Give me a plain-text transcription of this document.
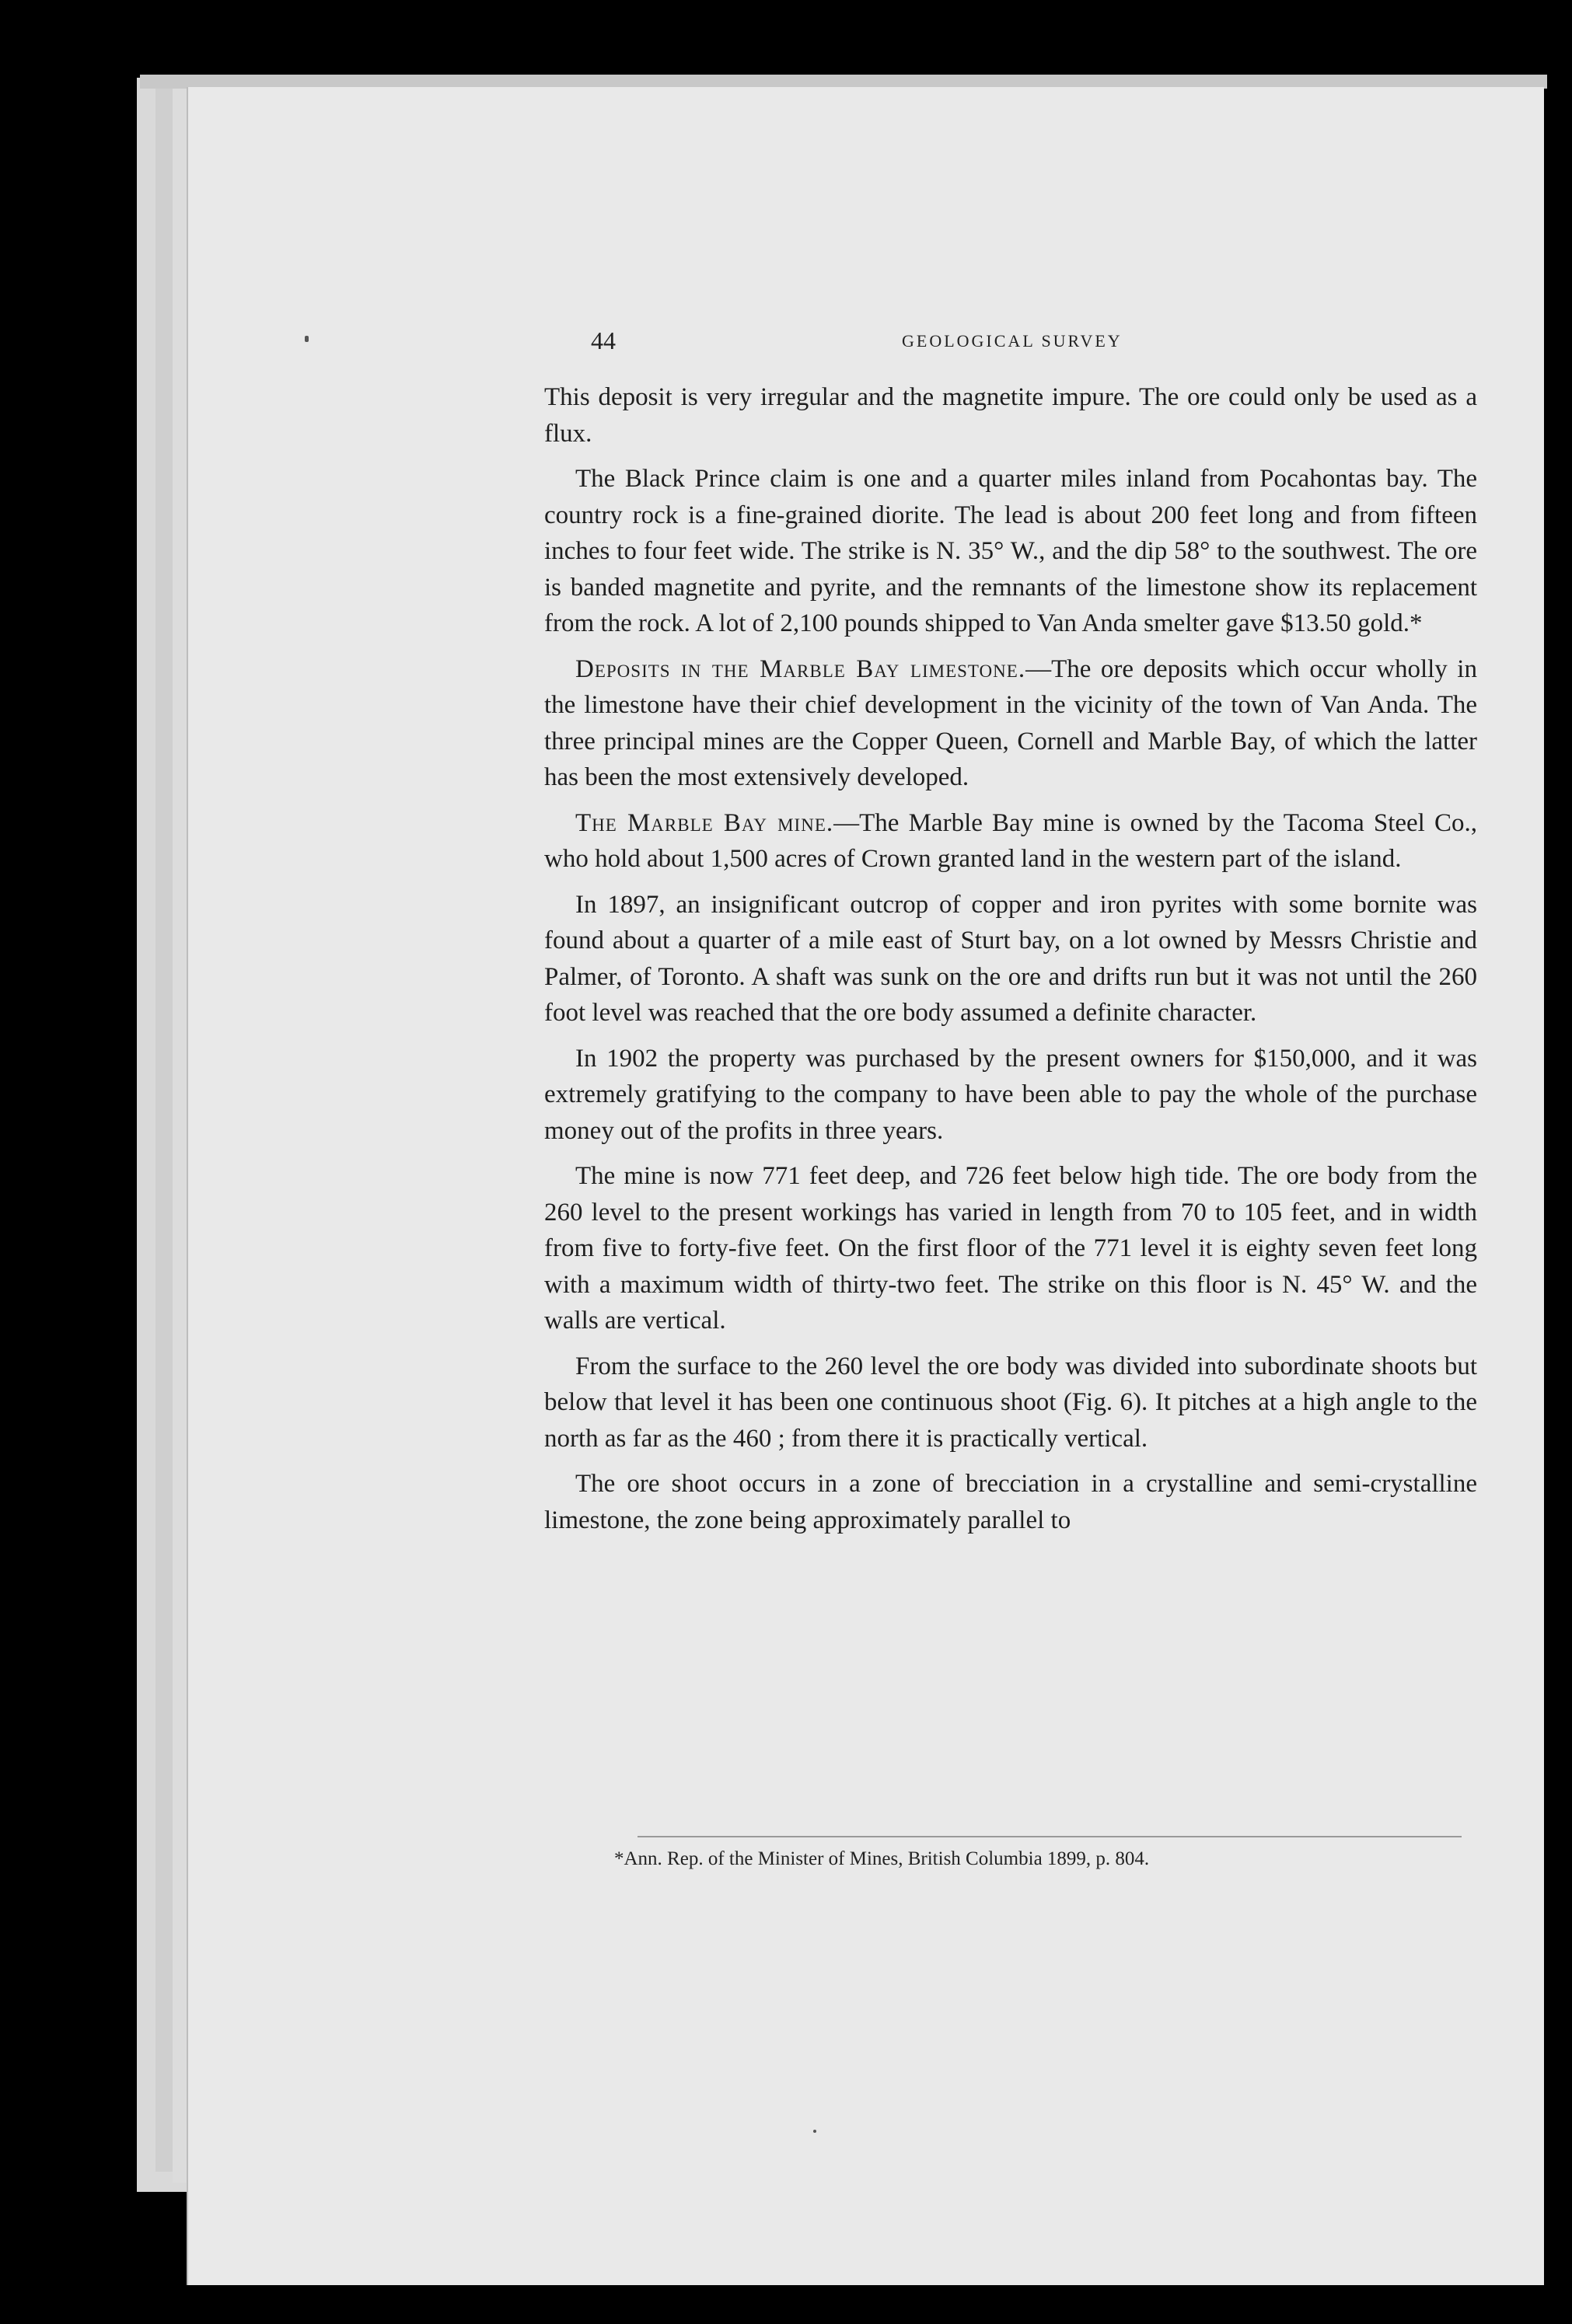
44	GEOLOGICAL SURVEY

This deposit is very irregular and the magnetite impure. The ore could only be used as a flux.

The Black Prince claim is one and a quarter miles inland from Pocahontas bay. The country rock is a fine-grained diorite. The lead is about 200 feet long and from fifteen inches to four feet wide. The strike is N. 35° W., and the dip 58° to the southwest. The ore is banded magnetite and pyrite, and the remnants of the limestone show its replacement from the rock. A lot of 2,100 pounds shipped to Van Anda smelter gave $13.50 gold.*

Deposits in the Marble Bay limestone.—The ore deposits which occur wholly in the limestone have their chief development in the vicinity of the town of Van Anda. The three principal mines are the Copper Queen, Cornell and Marble Bay, of which the latter has been the most extensively developed.

The Marble Bay mine.—The Marble Bay mine is owned by the Tacoma Steel Co., who hold about 1,500 acres of Crown granted land in the western part of the island.

In 1897, an insignificant outcrop of copper and iron pyrites with some bornite was found about a quarter of a mile east of Sturt bay, on a lot owned by Messrs Christie and Palmer, of Toronto. A shaft was sunk on the ore and drifts run but it was not until the 260 foot level was reached that the ore body assumed a definite character.

In 1902 the property was purchased by the present owners for $150,000, and it was extremely gratifying to the company to have been able to pay the whole of the purchase money out of the profits in three years.

The mine is now 771 feet deep, and 726 feet below high tide. The ore body from the 260 level to the present workings has varied in length from 70 to 105 feet, and in width from five to forty-five feet. On the first floor of the 771 level it is eighty seven feet long with a maximum width of thirty-two feet. The strike on this floor is N. 45° W. and the walls are vertical.

From the surface to the 260 level the ore body was divided into subordinate shoots but below that level it has been one continuous shoot (Fig. 6). It pitches at a high angle to the north as far as the 460 ; from there it is practically vertical.

The ore shoot occurs in a zone of brecciation in a crystalline and semi-crystalline limestone, the zone being approximately parallel to

*Ann. Rep. of the Minister of Mines, British Columbia 1899, p. 804.
